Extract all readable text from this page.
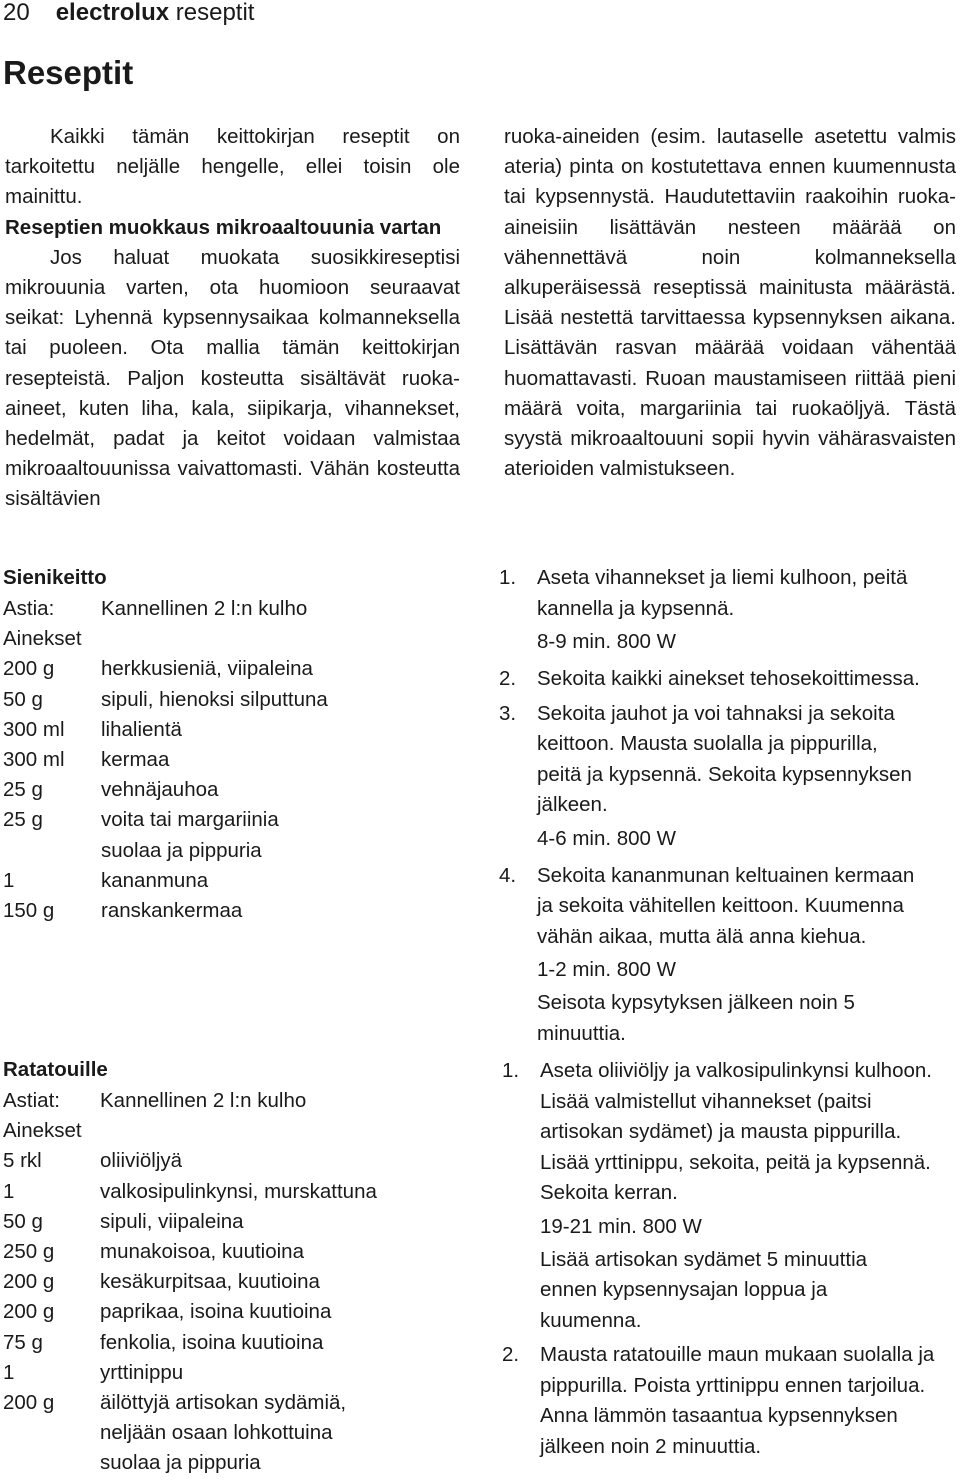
20 electrolux reseptit
Reseptit

Kaikki tämän keittokirjan reseptit on tarkoitettu neljälle hengelle, ellei toisin ole mainittu.

Reseptien muokkaus mikroaaltouunia vartan

Jos haluat muokata suosikkireseptisi mikrouunia varten, ota huomioon seuraavat seikat: Lyhennä kypsennysaikaa kolmanneksella tai puoleen. Ota mallia tämän keittokirjan resepteistä. Paljon kosteutta sisältävät ruoka-aineet, kuten liha, kala, siipikarja, vihannekset, hedelmät, padat ja keitot voidaan valmistaa mikroaaltouunissa vaivattomasti. Vähän kosteutta sisältävien

ruoka-aineiden (esim. lautaselle asetettu valmis ateria) pinta on kostutettava ennen kuumennusta tai kypsennystä. Haudutettaviin raakoihin ruoka-aineisiin lisättävän nesteen määrää on vähennettävä noin kolmanneksella alkuperäisessä reseptissä mainitusta määrästä. Lisää nestettä tarvittaessa kypsennyksen aikana. Lisättävän rasvan määrää voidaan vähentää huomattavasti. Ruoan maustamiseen riittää pieni määrä voita, margariinia tai ruokaöljyä. Tästä syystä mikroaaltouuni sopii hyvin vähärasvaisten aterioiden valmistukseen.

Sienikeitto
Astia:	Kannellinen 2 l:n kulho
Ainekset
200 g	herkkusieniä, viipaleina
50 g	sipuli, hienoksi silputtuna
300 ml	lihalientä
300 ml	kermaa
25 g	vehnäjauhoa
25 g	voita tai margariinia
suolaa ja pippuria
1	kananmuna
150 g	ranskankermaa
1. Aseta vihannekset ja liemi kulhoon, peitä
kannella ja kypsennä.
8-9 min. 800 W
2. Sekoita kaikki ainekset tehosekoittimessa.
3. Sekoita jauhot ja voi tahnaksi ja sekoita
keittoon. Mausta suolalla ja pippurilla,
peitä ja kypsennä. Sekoita kypsennyksen
jälkeen.
4-6 min. 800 W
4. Sekoita kananmunan keltuainen kermaan
ja sekoita vähitellen keittoon. Kuumenna
vähän aikaa, mutta älä anna kiehua.
1-2 min. 800 W
Seisota kypsytyksen jälkeen noin 5
minuuttia.
Ratatouille
Astiat:	Kannellinen 2 l:n kulho
Ainekset
5 rkl	oliiviöljyä
1	valkosipulinkynsi, murskattuna
50 g	sipuli, viipaleina
250 g	munakoisoa, kuutioina
200 g	kesäkurpitsaa, kuutioina
200 g	paprikaa, isoina kuutioina
75 g	fenkolia, isoina kuutioina
1	yrttinippu
200 g	äilöttyjä artisokan sydämiä,
neljään osaan lohkottuina
suolaa ja pippuria
1. Aseta oliiviöljy ja valkosipulinkynsi kulhoon.
Lisää valmistellut vihannekset (paitsi
artisokan sydämet) ja mausta pippurilla.
Lisää yrttinippu, sekoita, peitä ja kypsennä.
Sekoita kerran.
19-21 min. 800 W
Lisää artisokan sydämet 5 minuuttia
ennen kypsennysajan loppua ja
kuumenna.
2. Mausta ratatouille maun mukaan suolalla ja
pippurilla. Poista yrttinippu ennen tarjoilua.
Anna lämmön tasaantua kypsennyksen
jälkeen noin 2 minuuttia.
